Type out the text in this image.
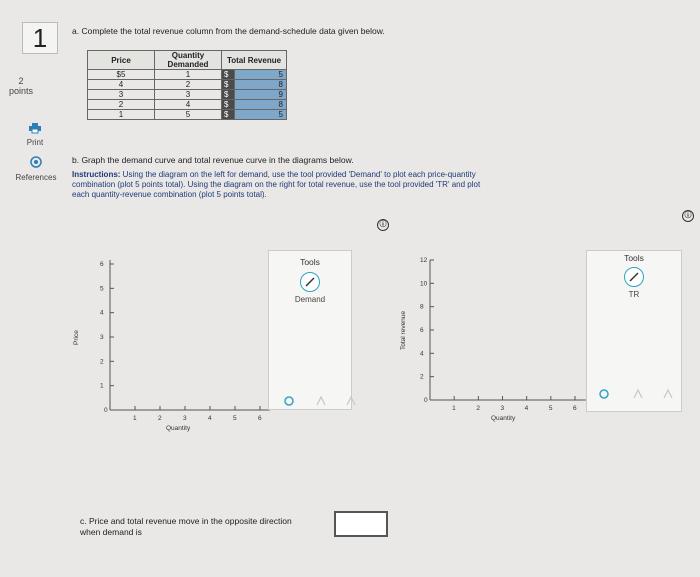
1
2
points
Print
References
a. Complete the total revenue column from the demand-schedule data given below.
Price	Quantity Demanded	Total Revenue	
$5	1	$	5
4	2	$	8
3	3	$	9
2	4	$	8
1	5	$	5
b. Graph the demand curve and total revenue curve in the diagrams below.
Instructions: Using the diagram on the left for demand, use the tool provided 'Demand' to plot each price-quantity
combination (plot 5 points total). Using the diagram on the right for total revenue, use the tool provided 'TR' and plot
each quantity-revenue combination (plot 5 points total).
ⓘ
ⓘ
6
5
4
3
2
1
0
1	2	3	4	5	6
Price
Quantity
Tools
Demand
12
10
8
6
4
2
0
1	2	3	4	5	6
Total revenue
Quantity
Tools
TR
c. Price and total revenue move in the opposite direction
when demand is
